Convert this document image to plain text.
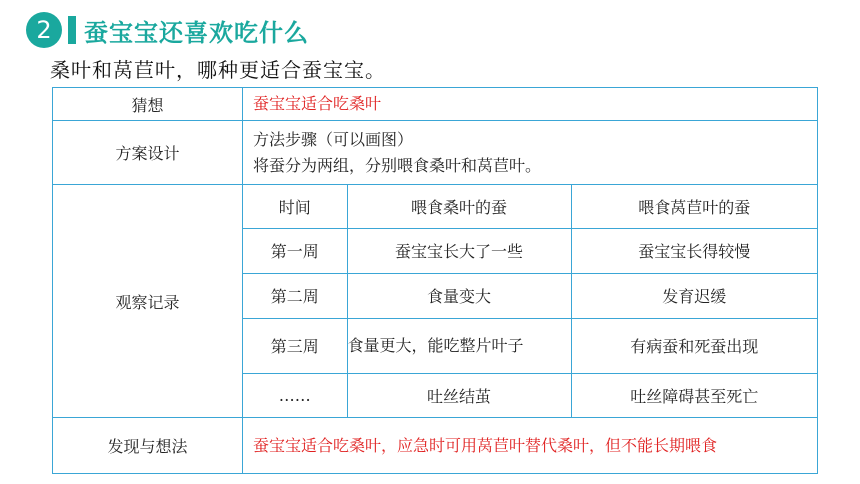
2	蚕宝宝还喜欢吃什么
桑叶和莴苣叶，哪种更适合蚕宝宝。
猜想	蚕宝宝适合吃桑叶
方案设计	
方法步骤（可以画图）
将蚕分为两组，分别喂食桑叶和莴苣叶。

观察记录	
时间	喂食桑叶的蚕	喂食莴苣叶的蚕
第一周	蚕宝宝长大了一些	蚕宝宝长得较慢
第二周	食量变大	发育迟缓
第三周	食量更大，能吃整片叶子	有病蚕和死蚕出现
……	吐丝结茧	吐丝障碍甚至死亡

发现与想法	蚕宝宝适合吃桑叶，应急时可用莴苣叶替代桑叶，但不能长期喂食
